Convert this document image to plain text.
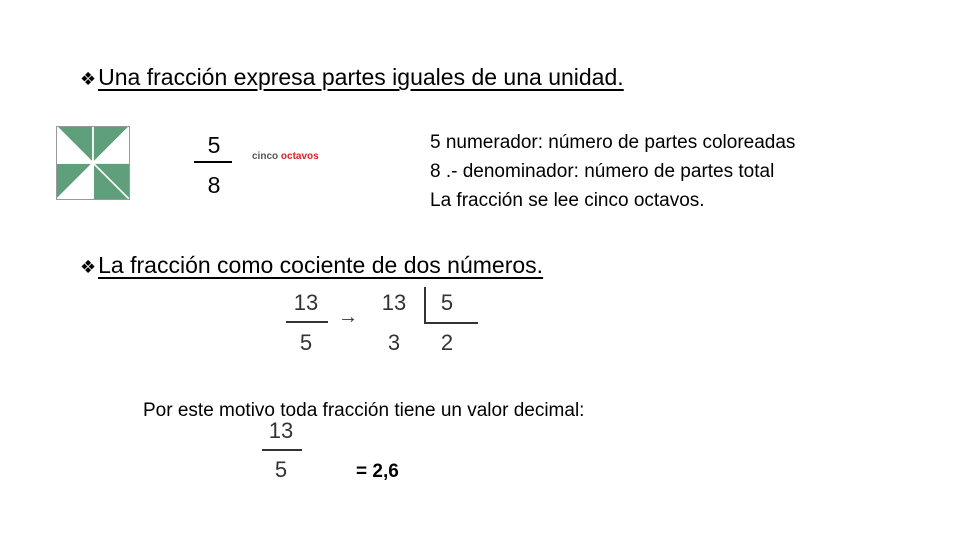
❖Una fracción expresa partes iguales de una unidad.
5
8
cinco octavos
5 numerador: número de partes coloreadas
8 .- denominador: número de partes total
La fracción se lee cinco octavos.
❖La fracción como cociente de dos números.
13
5
→
13
3
5
2
Por este motivo toda fracción tiene un valor decimal:
13
5	= 2,6
